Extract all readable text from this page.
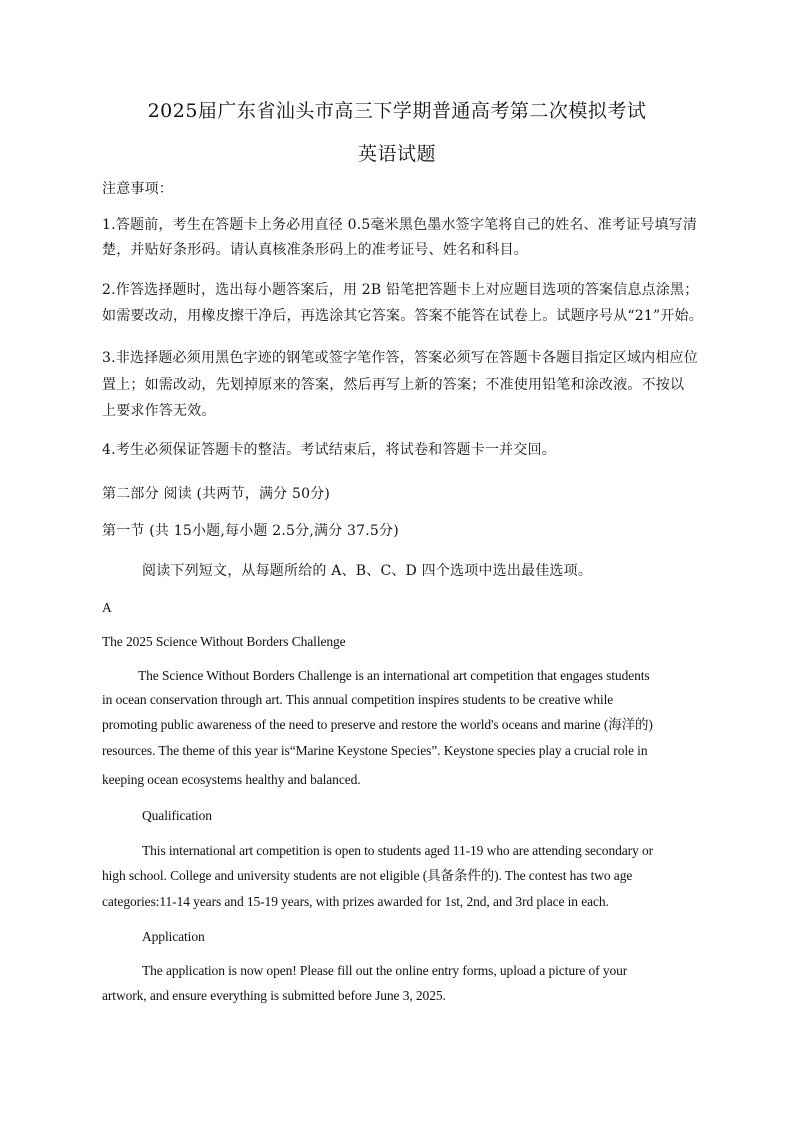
2025届广东省汕头市高三下学期普通高考第二次模拟考试
英语试题
注意事项：
1.答题前，考生在答题卡上务必用直径 0.5毫米黑色墨水签字笔将自己的姓名、准考证号填写清
楚，并贴好条形码。请认真核准条形码上的准考证号、姓名和科目。
2.作答选择题时，选出每小题答案后，用 2B 铅笔把答题卡上对应题目选项的答案信息点涂黑；
如需要改动，用橡皮擦干净后，再选涂其它答案。答案不能答在试卷上。试题序号从“21”开始。
3.非选择题必须用黑色字迹的钢笔或签字笔作答，答案必须写在答题卡各题目指定区域内相应位
置上；如需改动，先划掉原来的答案，然后再写上新的答案；不准使用铅笔和涂改液。不按以
上要求作答无效。
4.考生必须保证答题卡的整洁。考试结束后，将试卷和答题卡一并交回。
第二部分 阅读 (共两节，满分 50分)
第一节 (共 15小题,每小题 2.5分,满分 37.5分)
阅读下列短文，从每题所给的 A、B、C、D 四个选项中选出最佳选项。
A
The 2025 Science Without Borders Challenge
The Science Without Borders Challenge is an international art competition that engages students
in ocean conservation through art. This annual competition inspires students to be creative while
promoting public awareness of the need to preserve and restore the world's oceans and marine (海洋的)
resources. The theme of this year is“Marine Keystone Species”. Keystone species play a crucial role in
keeping ocean ecosystems healthy and balanced.
Qualification
This international art competition is open to students aged 11-19 who are attending secondary or
high school. College and university students are not eligible (具备条件的). The contest has two age
categories:11-14 years and 15-19 years, with prizes awarded for 1st, 2nd, and 3rd place in each.
Application
The application is now open! Please fill out the online entry forms, upload a picture of your
artwork, and ensure everything is submitted before June 3, 2025.
